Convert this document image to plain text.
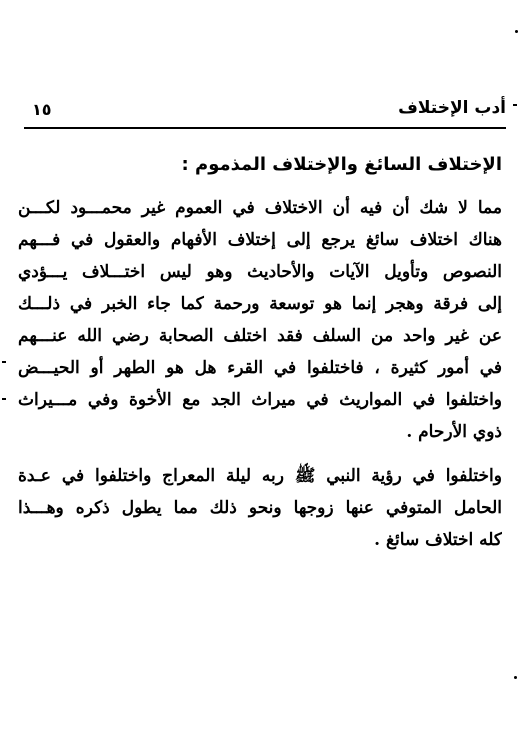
١٥	أدب الإختلاف
الإختلاف السائغ والإختلاف المذموم :
مما لا شك أن فيه أن الاختلاف في العموم غير محمـــود لكـــن
هناك اختلاف سائغ يرجع إلى إختلاف الأفهام والعقول في فـــهم
النصوص وتأويل الآيات والأحاديث وهو ليس اختـــلاف يـــؤدي
إلى فرقة وهجر إنما هو توسعة ورحمة كما جاء الخبر في ذلـــك
عن غير واحد من السلف فقد اختلف الصحابة رضي الله عنـــهم
في أمور كثيرة ، فاختلفوا في القرء هل هو الطهر أو الحيـــض
واختلفوا في المواريث في ميراث الجد مع الأخوة وفي مـــيراث
ذوي الأرحام .
واختلفوا في رؤية النبي ﷺ ربه ليلة المعراج واختلفوا في عـدة
الحامل المتوفي عنها زوجها ونحو ذلك مما يطول ذكره وهـــذا
كله اختلاف سائغ .
